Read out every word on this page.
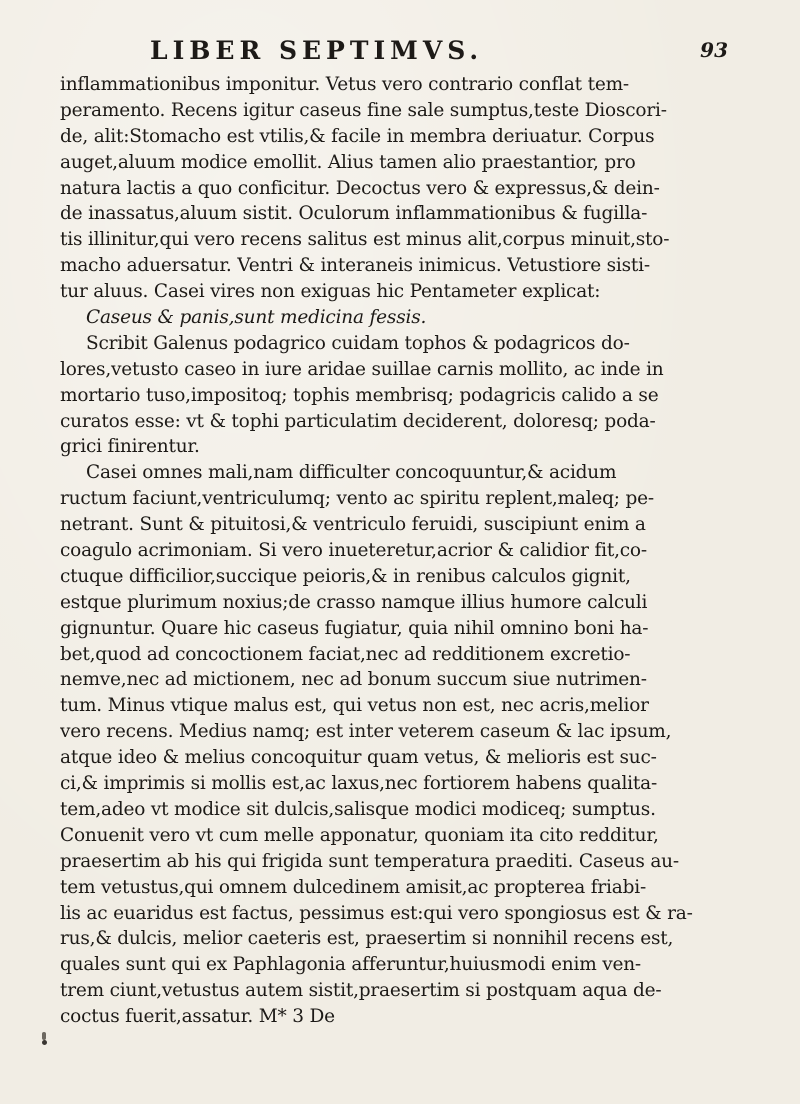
LIBER SEPTIMVS.	93
inflammationibus imponitur. Vetus vero contrario conflat tem-
peramento. Recens igitur caseus fine sale sumptus,teste Dioscori-
de, alit:Stomacho est vtilis,& facile in membra deriuatur. Corpus
auget,aluum modice emollit. Alius tamen alio praestantior, pro
natura lactis a quo conficitur. Decoctus vero & expressus,& dein-
de inassatus,aluum sistit. Oculorum inflammationibus & fugilla-
tis illinitur,qui vero recens salitus est minus alit,corpus minuit,sto-
macho aduersatur. Ventri & interaneis inimicus. Vetustiore sisti-
tur aluus. Casei vires non exiguas hic Pentameter explicat:
Caseus & panis,sunt medicina fessis.
Scribit Galenus podagrico cuidam tophos & podagricos do-
lores,vetusto caseo in iure aridae suillae carnis mollito, ac inde in
mortario tuso,impositoq; tophis membrisq; podagricis calido a se
curatos esse: vt & tophi particulatim deciderent, doloresq; poda-
grici finirentur.
Casei omnes mali,nam difficulter concoquuntur,& acidum
ructum faciunt,ventriculumq; vento ac spiritu replent,maleq; pe-
netrant. Sunt & pituitosi,& ventriculo feruidi, suscipiunt enim a
coagulo acrimoniam. Si vero inueteretur,acrior & calidior fit,co-
ctuque difficilior,succique peioris,& in renibus calculos gignit,
estque plurimum noxius;de crasso namque illius humore calculi
gignuntur. Quare hic caseus fugiatur, quia nihil omnino boni ha-
bet,quod ad concoctionem faciat,nec ad redditionem excretio-
nemve,nec ad mictionem, nec ad bonum succum siue nutrimen-
tum. Minus vtique malus est, qui vetus non est, nec acris,melior
vero recens. Medius namq; est inter veterem caseum & lac ipsum,
atque ideo & melius concoquitur quam vetus, & melioris est suc-
ci,& imprimis si mollis est,ac laxus,nec fortiorem habens qualita-
tem,adeo vt modice sit dulcis,salisque modici modiceq; sumptus.
Conuenit vero vt cum melle apponatur, quoniam ita cito redditur,
praesertim ab his qui frigida sunt temperatura praediti. Caseus au-
tem vetustus,qui omnem dulcedinem amisit,ac propterea friabi-
lis ac euaridus est factus, pessimus est:qui vero spongiosus est & ra-
rus,& dulcis, melior caeteris est, praesertim si nonnihil recens est,
quales sunt qui ex Paphlagonia afferuntur,huiusmodi enim ven-
trem ciunt,vetustus autem sistit,praesertim si postquam aqua de-
coctus fuerit,assatur. M* 3 De
